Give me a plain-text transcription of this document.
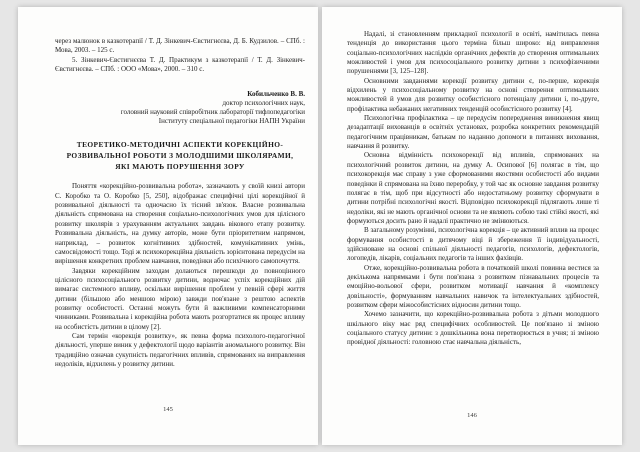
через малюнок в казкотерапії / Т. Д. Зінкевич-Євстигнєєва, Д. Б. Кудзилов. – СПб. : Мова, 2003. – 125 с.

5. Зінкевич-Євстигнєєва Т. Д. Практикум з казкотерапії / Т. Д. Зінкевич-Євстигнєєва. – СПб. : ООО «Мова», 2000. – 310 с.

Кобильченко В. В.
доктор психологічних наук,
головний науковий співробітник лабораторії тифлопедагогіки
Інституту спеціальної педагогіки НАПН України
ТЕОРЕТИКО-МЕТОДИЧНІ АСПЕКТИ КОРЕКЦІЙНО-РОЗВИВАЛЬНОЇ РОБОТИ З МОЛОДШИМИ ШКОЛЯРАМИ, ЯКІ МАЮТЬ ПОРУШЕННЯ ЗОРУ

Поняття «корекційно-розвивальна робота», зазначають у своїй книзі автори С. Коробко та О. Коробко [5, 250], відображає специфічні цілі корекційної й розвивальної діяльності та одночасно їх тісний зв'язок. Власне розвивальна діяльність спрямована на створення соціально-психологічних умов для цілісного розвитку школярів з урахуванням актуальних завдань вікового етапу розвитку. Розвивальна діяльність, на думку авторів, може бути пріоритетним напрямом, наприклад, – розвиток когнітивних здібностей, комунікативних умінь, самосвідомості тощо. Тоді ж психокорекційна діяльність зорієнтована передусім на вирішення конкретних проблем навчання, поведінки або психічного самопочуття.

Завдяки корекційним заходам долаються перешкоди до повноцінного цілісного психосоціального розвитку дитини, водночас успіх корекційних дій вимагає системного впливу, оскільки вирішення проблем у певній сфері життя дитини (більшою або меншою мірою) завжди пов'язане з рештою аспектів розвитку особистості. Останні можуть бути й важливими компенсаторними чинниками. Розвивальна і корекційна робота мають розгортатися як процес впливу на особистість дитини в цілому [2].

Сам термін «корекція розвитку», як певна форма психолого-педагогічної діяльності, уперше виник у дефектології щодо варіантів аномального розвитку. Він традиційно означав сукупність педагогічних впливів, спрямованих на виправлення недоліків, відхилень у розвитку дитини.

145

Надалі, зі становленням прикладної психології в освіті, намітилась певна тенденція до використання цього терміна більш широко: від виправлення соціально-психологічних наслідків органічних дефектів до створення оптимальних можливостей і умов для психосоціального розвитку дитини з психофізичними порушеннями [3, 125–128].

Основними завданнями корекції розвитку дитини є, по-перше, корекція відхилень у психосоціальному розвитку на основі створення оптимальних можливостей й умов для розвитку особистісного потенціалу дитини і, по-друге, профілактика небажаних негативних тенденцій особистісного розвитку [4].

Психологічна профілактика – це передусім попередження виникнення явищ дезадаптації вихованців в освітніх установах, розробка конкретних рекомендацій педагогічним працівникам, батькам по наданню допомоги в питаннях виховання, навчання й розвитку.

Основна відмінність психокорекції від впливів, спрямованих на психологічний розвиток дитини, на думку А. Осипової [6] полягає в тім, що психокорекція має справу з уже сформованими якостями особистості або видами поведінки й спрямована на їхню переробку, у той час як основне завдання розвитку полягає в тім, щоб при відсутності або недостатньому розвитку сформувати в дитини потрібні психологічні якості. Відповідно психокорекції підлягають лише ті недоліки, які не мають органічної основи та не являють собою такі стійкі якості, які формуються досить рано й надалі практично не змінюються.

В загальному розумінні, психологічна корекція – це активний вплив на процес формування особистості в дитячому віці й збереження її індивідуальності, здійснюване на основі спільної діяльності педагогів, психологів, дефектологів, логопедів, лікарів, соціальних педагогів та інших фахівців.

Отже, корекційно-розвивальна робота в початковій школі повинна вестися за декількома напрямками і бути пов'язана з розвитком пізнавальних процесів та емоційно-вольової сфери, розвитком мотивації навчання й «комплексу довільності», формуванням навчальних навичок та інтелектуальних здібностей, розвитком сфери міжособистісних відносин дитини тощо.

Хочемо зазначити, що корекційно-розвивальна робота з дітьми молодшого шкільного віку має ряд специфічних особливостей. Це пов'язано зі зміною соціального статусу дитини: з дошкільника вона перетворюється в учня; зі зміною провідної діяльності: головною стає навчальна діяльність,

146
